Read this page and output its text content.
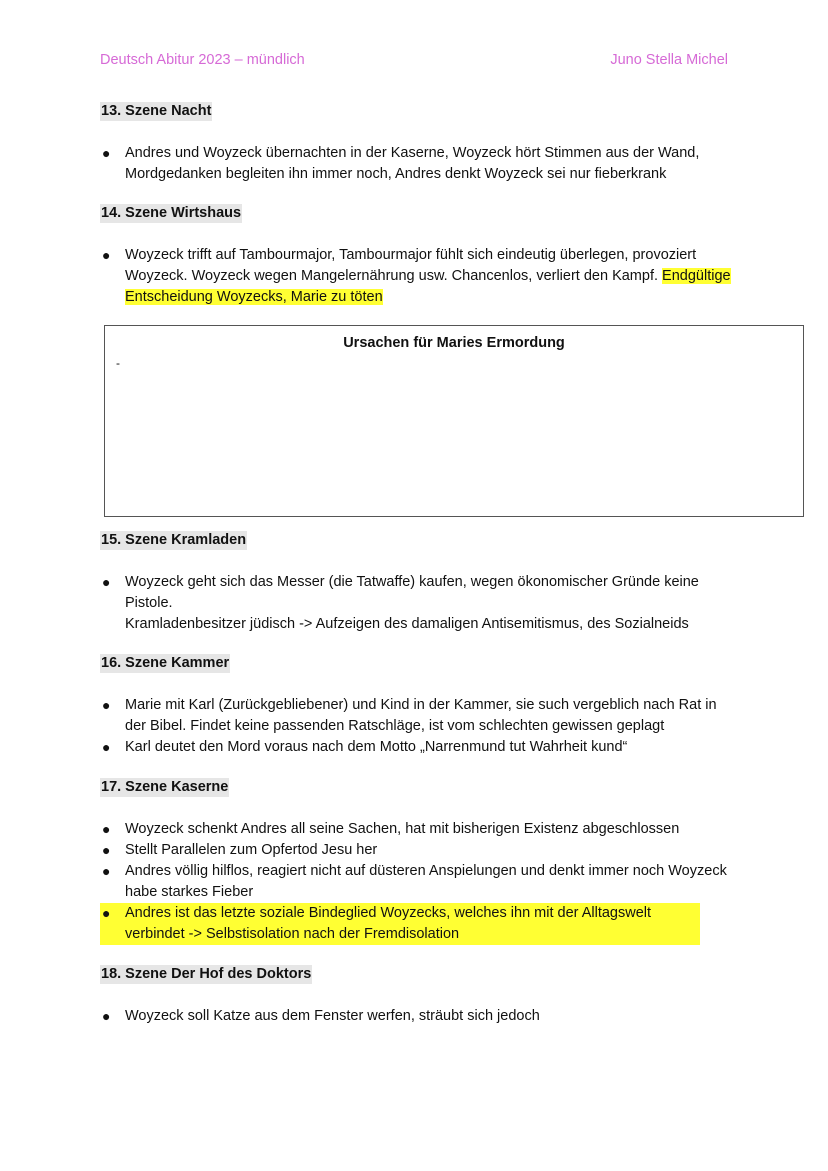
Deutsch Abitur 2023 – mündlich	Juno Stella Michel
13. Szene Nacht
● Andres und Woyzeck übernachten in der Kaserne, Woyzeck hört Stimmen aus der Wand, Mordgedanken begleiten ihn immer noch, Andres denkt Woyzeck sei nur fieberkrank
14. Szene Wirtshaus
● Woyzeck trifft auf Tambourmajor, Tambourmajor fühlt sich eindeutig überlegen, provoziert Woyzeck. Woyzeck wegen Mangelernährung usw. Chancenlos, verliert den Kampf. Endgültige Entscheidung Woyzecks, Marie zu töten
Ursachen für Maries Ermordung
-
15. Szene Kramladen
● Woyzeck geht sich das Messer (die Tatwaffe) kaufen, wegen ökonomischer Gründe keine Pistole.
Kramladenbesitzer jüdisch -> Aufzeigen des damaligen Antisemitismus, des Sozialneids
16. Szene Kammer
● Marie mit Karl (Zurückgebliebener) und Kind in der Kammer, sie such vergeblich nach Rat in der Bibel. Findet keine passenden Ratschläge, ist vom schlechten gewissen geplagt
● Karl deutet den Mord voraus nach dem Motto „Narrenmund tut Wahrheit kund“
17. Szene Kaserne
● Woyzeck schenkt Andres all seine Sachen, hat mit bisherigen Existenz abgeschlossen
● Stellt Parallelen zum Opfertod Jesu her
● Andres völlig hilflos, reagiert nicht auf düsteren Anspielungen und denkt immer noch Woyzeck habe starkes Fieber
● Andres ist das letzte soziale Bindeglied Woyzecks, welches ihn mit der Alltagswelt verbindet -> Selbstisolation nach der Fremdisolation
18. Szene Der Hof des Doktors
● Woyzeck soll Katze aus dem Fenster werfen, sträubt sich jedoch
